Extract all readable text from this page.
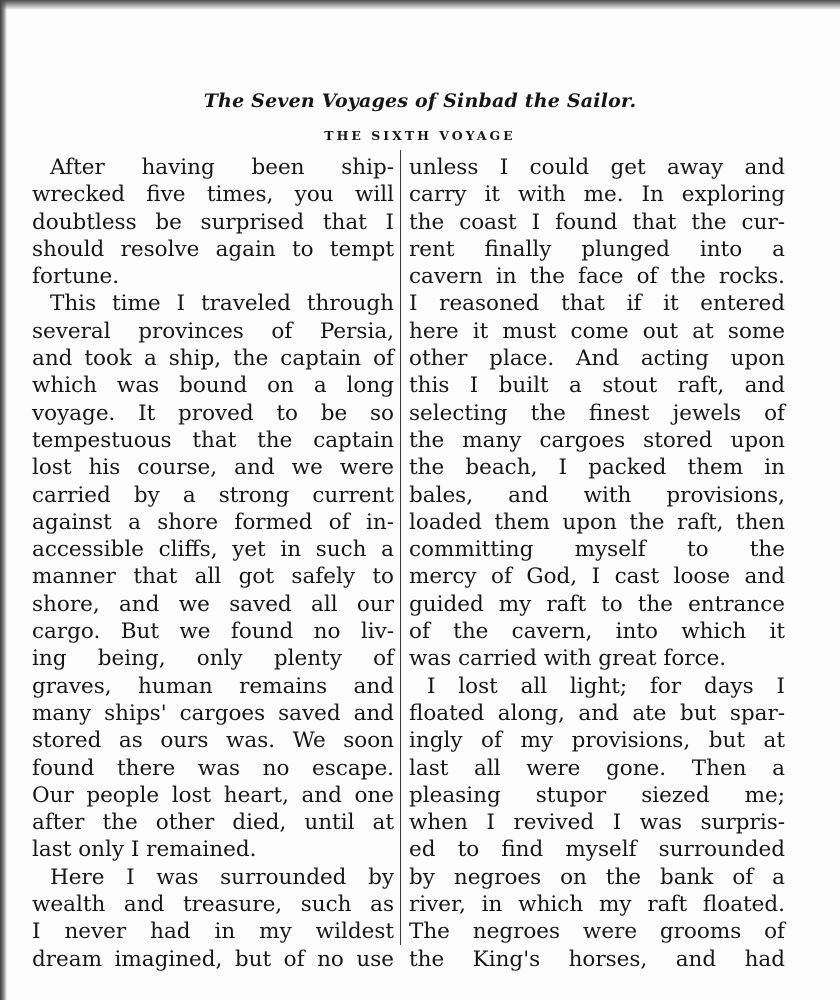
The Seven Voyages of Sinbad the Sailor.
THE SIXTH VOYAGE
After having been ship-
wrecked five times, you will
doubtless be surprised that I
should resolve again to tempt
fortune.
This time I traveled through
several provinces of Persia,
and took a ship, the captain of
which was bound on a long
voyage. It proved to be so
tempestuous that the captain
lost his course, and we were
carried by a strong current
against a shore formed of in-
accessible cliffs, yet in such a
manner that all got safely to
shore, and we saved all our
cargo. But we found no liv-
ing being, only plenty of
graves, human remains and
many ships' cargoes saved and
stored as ours was. We soon
found there was no escape.
Our people lost heart, and one
after the other died, until at
last only I remained.
Here I was surrounded by
wealth and treasure, such as
I never had in my wildest
dream imagined, but of no use
unless I could get away and
carry it with me. In exploring
the coast I found that the cur-
rent finally plunged into a
cavern in the face of the rocks.
I reasoned that if it entered
here it must come out at some
other place. And acting upon
this I built a stout raft, and
selecting the finest jewels of
the many cargoes stored upon
the beach, I packed them in
bales, and with provisions,
loaded them upon the raft, then
committing myself to the
mercy of God, I cast loose and
guided my raft to the entrance
of the cavern, into which it
was carried with great force.
I lost all light; for days I
floated along, and ate but spar-
ingly of my provisions, but at
last all were gone. Then a
pleasing stupor siezed me;
when I revived I was surpris-
ed to find myself surrounded
by negroes on the bank of a
river, in which my raft floated.
The negroes were grooms of
the King's horses, and had
